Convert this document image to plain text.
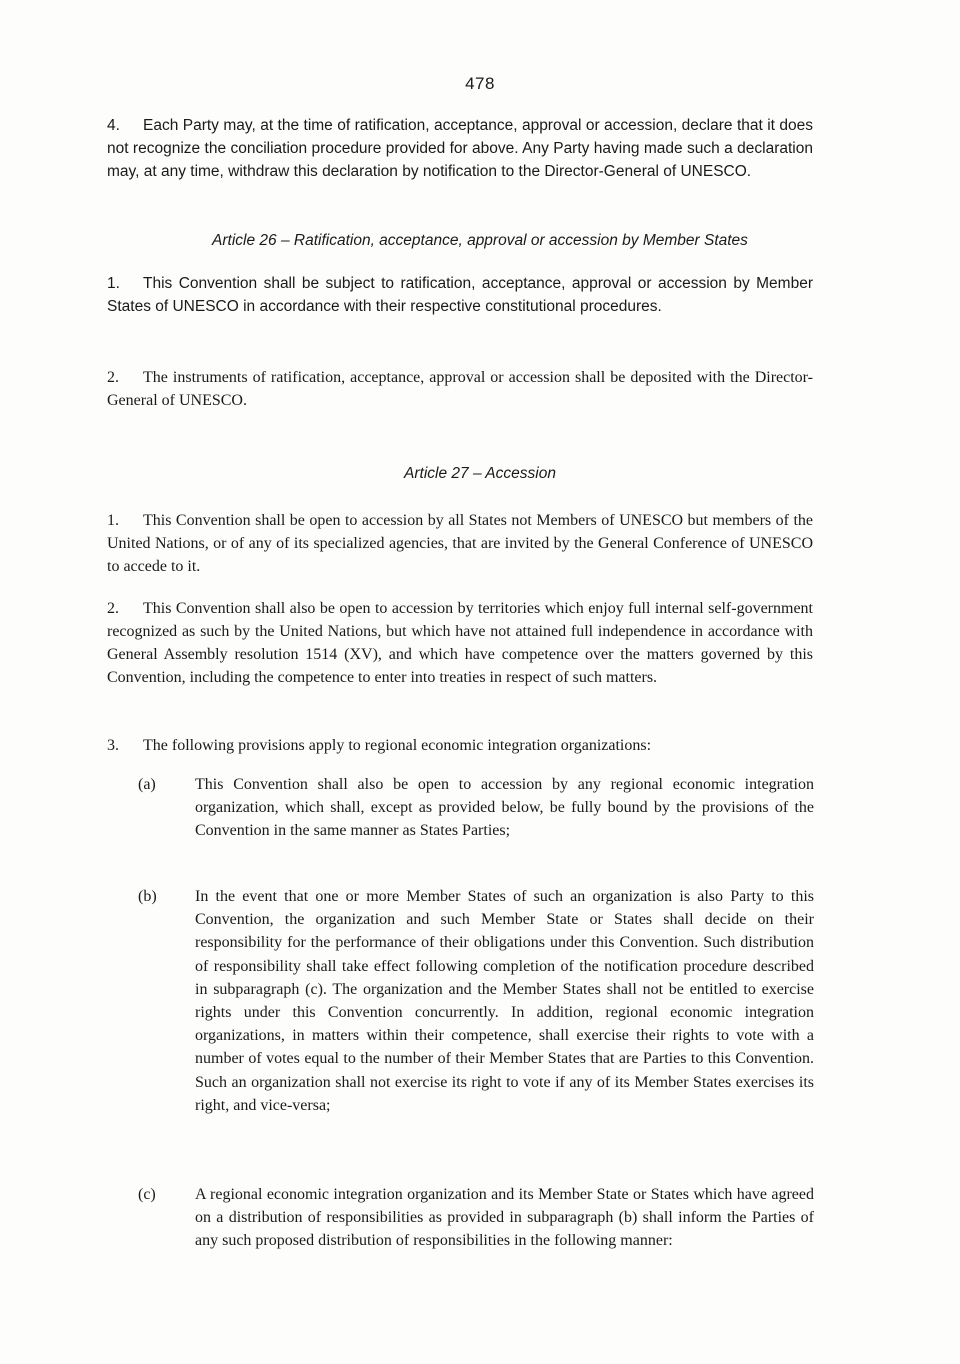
478
4. Each Party may, at the time of ratification, acceptance, approval or accession, declare that it does not recognize the conciliation procedure provided for above. Any Party having made such a declaration may, at any time, withdraw this declaration by notification to the Director-General of UNESCO.
Article 26 – Ratification, acceptance, approval or accession by Member States
1. This Convention shall be subject to ratification, acceptance, approval or accession by Member States of UNESCO in accordance with their respective constitutional procedures.
2. The instruments of ratification, acceptance, approval or accession shall be deposited with the Director-General of UNESCO.
Article 27 – Accession
1. This Convention shall be open to accession by all States not Members of UNESCO but members of the United Nations, or of any of its specialized agencies, that are invited by the General Conference of UNESCO to accede to it.
2. This Convention shall also be open to accession by territories which enjoy full internal self-government recognized as such by the United Nations, but which have not attained full independence in accordance with General Assembly resolution 1514 (XV), and which have competence over the matters governed by this Convention, including the competence to enter into treaties in respect of such matters.
3. The following provisions apply to regional economic integration organizations:
(a)	This Convention shall also be open to accession by any regional economic integration organization, which shall, except as provided below, be fully bound by the provisions of the Convention in the same manner as States Parties;
(b)	In the event that one or more Member States of such an organization is also Party to this Convention, the organization and such Member State or States shall decide on their responsibility for the performance of their obligations under this Convention. Such distribution of responsibility shall take effect following completion of the notification procedure described in subparagraph (c). The organization and the Member States shall not be entitled to exercise rights under this Convention concurrently. In addition, regional economic integration organizations, in matters within their competence, shall exercise their rights to vote with a number of votes equal to the number of their Member States that are Parties to this Convention. Such an organization shall not exercise its right to vote if any of its Member States exercises its right, and vice-versa;
(c)	A regional economic integration organization and its Member State or States which have agreed on a distribution of responsibilities as provided in subparagraph (b) shall inform the Parties of any such proposed distribution of responsibilities in the following manner:
